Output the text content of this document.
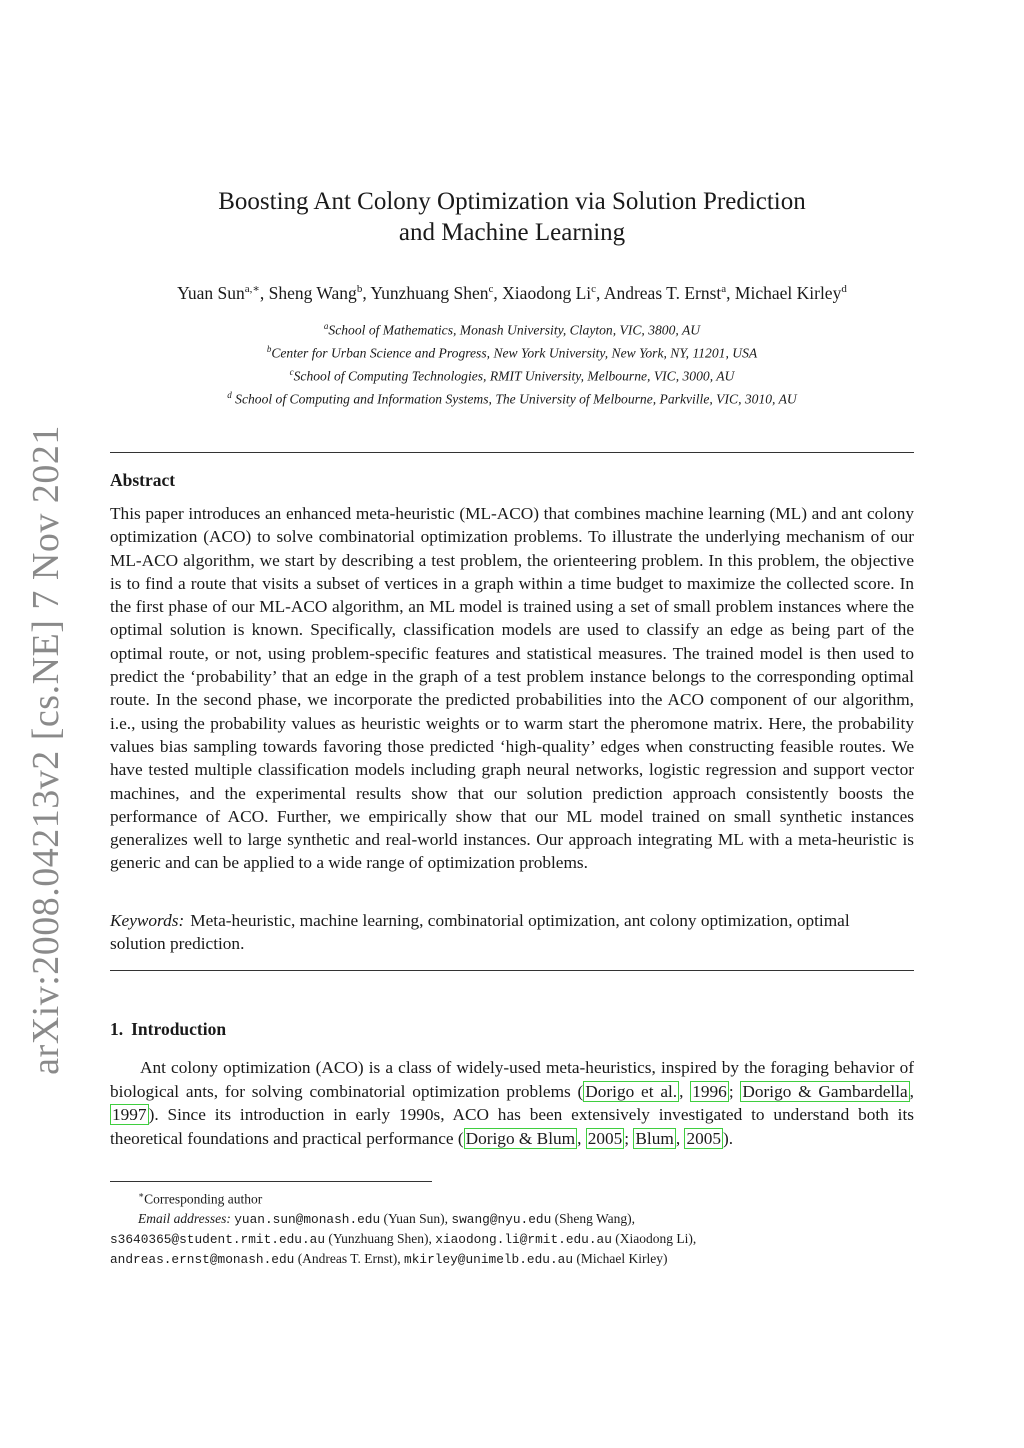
arXiv:2008.04213v2 [cs.NE] 7 Nov 2021
Boosting Ant Colony Optimization via Solution Prediction
and Machine Learning
Yuan Sun$^{a,∗}$, Sheng Wang$^b$, Yunzhuang Shen$^c$, Xiaodong Li$^c$, Andreas T. Ernst$^a$, Michael Kirley$^d$
$^a$School of Mathematics, Monash University, Clayton, VIC, 3800, AU
$^b$Center for Urban Science and Progress, New York University, New York, NY, 11201, USA
$^c$School of Computing Technologies, RMIT University, Melbourne, VIC, 3000, AU
$^d$ School of Computing and Information Systems, The University of Melbourne, Parkville, VIC, 3010, AU
Abstract

This paper introduces an enhanced meta-heuristic (ML-ACO) that combines machine learning (ML) and ant colony optimization (ACO) to solve combinatorial optimization problems. To illustrate the underlying mechanism of our ML-ACO algorithm, we start by describing a test problem, the orienteering problem. In this problem, the objective is to find a route that visits a subset of vertices in a graph within a time budget to maximize the collected score. In the first phase of our ML-ACO algorithm, an ML model is trained using a set of small problem instances where the optimal solution is known. Specifically, classification models are used to classify an edge as being part of the optimal route, or not, using problem-specific features and statistical measures. The trained model is then used to predict the ‘probability’ that an edge in the graph of a test problem instance belongs to the corresponding optimal route. In the second phase, we incorporate the predicted probabilities into the ACO component of our algorithm, i.e., using the probability values as heuristic weights or to warm start the pheromone matrix. Here, the probability values bias sampling towards favoring those predicted ‘high-quality’ edges when constructing feasible routes. We have tested multiple classification models including graph neural networks, logistic regression and support vector machines, and the experimental results show that our solution prediction approach consistently boosts the performance of ACO. Further, we empirically show that our ML model trained on small synthetic instances generalizes well to large synthetic and real-world instances. Our approach integrating ML with a meta-heuristic is generic and can be applied to a wide range of optimization problems.

Keywords: Meta-heuristic, machine learning, combinatorial optimization, ant colony optimization, optimal solution prediction.

1. Introduction

Ant colony optimization (ACO) is a class of widely-used meta-heuristics, inspired by the foraging behavior of biological ants, for solving combinatorial optimization problems ( Dorigo et al. , 1996 ; Dorigo & Gambardella , 1997 ). Since its introduction in early 1990s, ACO has been extensively investigated to understand both its theoretical foundations and practical performance ( Dorigo & Blum , 2005 ; Blum , 2005 ).

∗Corresponding author
Email addresses: yuan.sun@monash.edu (Yuan Sun), swang@nyu.edu (Sheng Wang),
s3640365@student.rmit.edu.au (Yunzhuang Shen), xiaodong.li@rmit.edu.au (Xiaodong Li),
andreas.ernst@monash.edu (Andreas T. Ernst), mkirley@unimelb.edu.au (Michael Kirley)
